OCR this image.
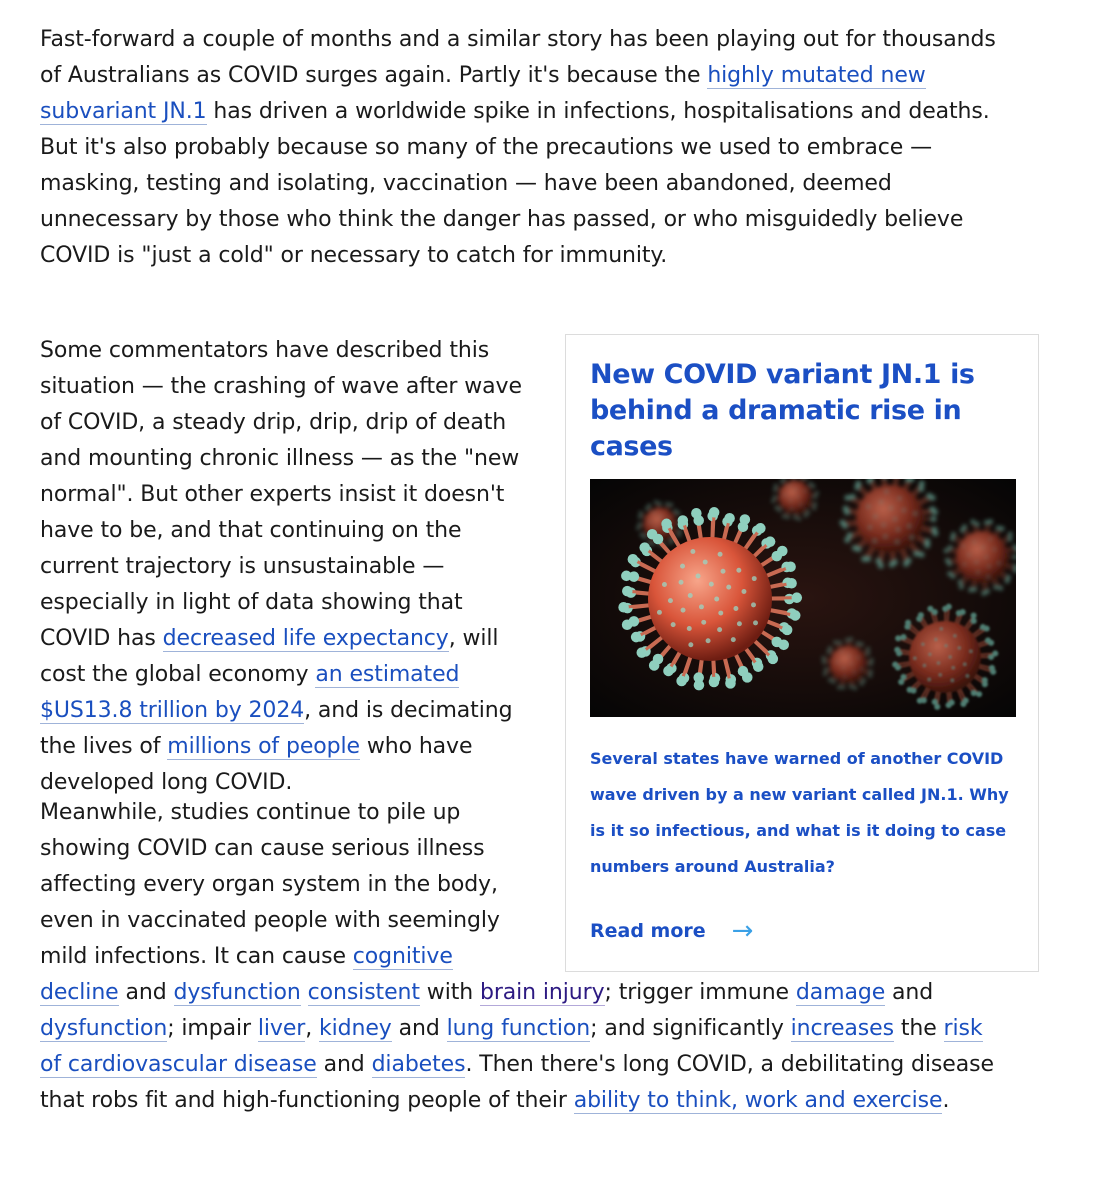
Fast-forward a couple of months and a similar story has been playing out for thousands of Australians as COVID surges again. Partly it's because the highly mutated new subvariant JN.1 has driven a worldwide spike in infections, hospitalisations and deaths. But it's also probably because so many of the precautions we used to embrace — masking, testing and isolating, vaccination — have been abandoned, deemed unnecessary by those who think the danger has passed, or who misguidedly believe COVID is "just a cold" or necessary to catch for immunity.

Some commentators have described this situation — the crashing of wave after wave of COVID, a steady drip, drip, drip of death and mounting chronic illness — as the "new normal". But other experts insist it doesn't have to be, and that continuing on the current trajectory is unsustainable — especially in light of data showing that COVID has decreased life expectancy, will cost the global economy an estimated $US13.8 trillion by 2024, and is decimating the lives of millions of people who have developed long COVID.

Meanwhile, studies continue to pile up showing COVID can cause serious illness affecting every organ system in the body, even in vaccinated people with seemingly mild infections. It can cause cognitive decline and dysfunction consistent with brain injury; trigger immune damage and dysfunction; impair liver, kidney and lung function; and significantly increases the risk of cardiovascular disease and diabetes. Then there's long COVID, a debilitating disease that robs fit and high-functioning people of their ability to think, work and exercise.

New COVID variant JN.1 is behind a dramatic rise in cases

Several states have warned of another COVID wave driven by a new variant called JN.1. Why is it so infectious, and what is it doing to case numbers around Australia?

Read more →
